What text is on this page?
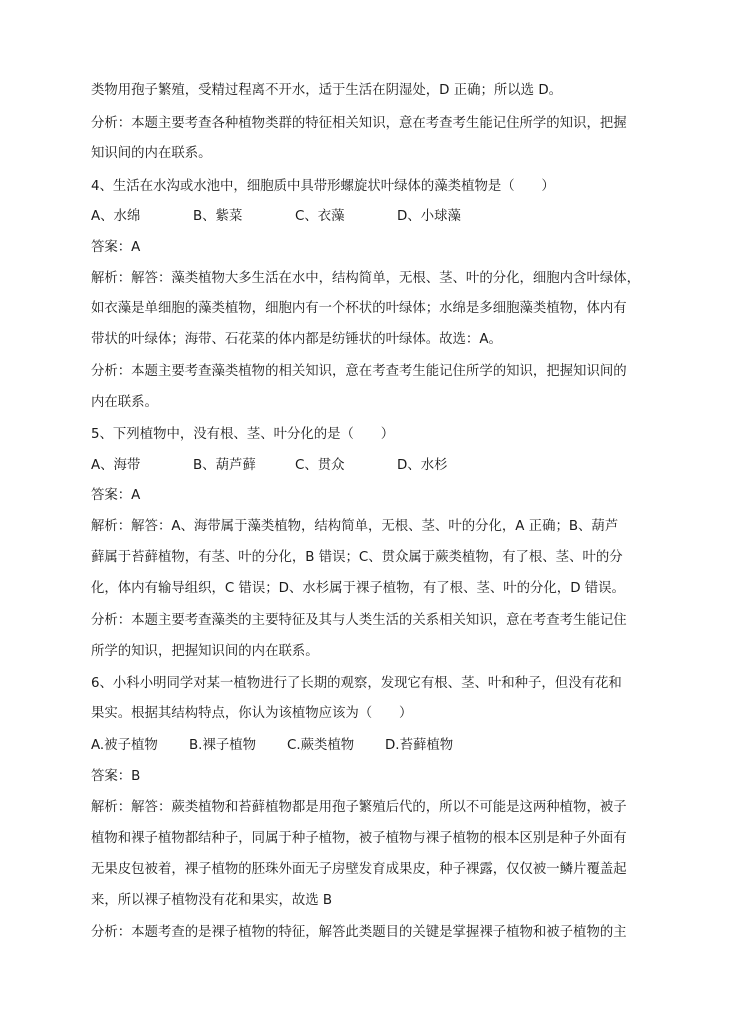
类物用孢子繁殖，受精过程离不开水，适于生活在阴湿处，D 正确；所以选 D。
分析：本题主要考查各种植物类群的特征相关知识，意在考查考生能记住所学的知识，把握
知识间的内在联系。
4、生活在水沟或水池中，细胞质中具带形螺旋状叶绿体的藻类植物是（　　）
A、水绵	B、紫菜	C、衣藻	D、小球藻
答案：A
解析：解答：藻类植物大多生活在水中，结构简单，无根、茎、叶的分化，细胞内含叶绿体，
如衣藻是单细胞的藻类植物，细胞内有一个杯状的叶绿体；水绵是多细胞藻类植物，体内有
带状的叶绿体；海带、石花菜的体内都是纺锤状的叶绿体。故选：A。
分析：本题主要考查藻类植物的相关知识，意在考查考生能记住所学的知识，把握知识间的
内在联系。
5、下列植物中，没有根、茎、叶分化的是（　　）
A、海带	B、葫芦藓	C、贯众	D、水杉
答案：A
解析：解答：A、海带属于藻类植物，结构简单，无根、茎、叶的分化，A 正确；B、葫芦
藓属于苔藓植物，有茎、叶的分化，B 错误；C、贯众属于蕨类植物，有了根、茎、叶的分
化，体内有输导组织，C 错误；D、水杉属于裸子植物，有了根、茎、叶的分化，D 错误。
分析：本题主要考查藻类的主要特征及其与人类生活的关系相关知识，意在考查考生能记住
所学的知识，把握知识间的内在联系。
6、小科小明同学对某一植物进行了长期的观察，发现它有根、茎、叶和种子，但没有花和
果实。根据其结构特点，你认为该植物应该为（　　）
A.被子植物 B.裸子植物 C.蕨类植物 D.苔藓植物
答案：B
解析：解答：蕨类植物和苔藓植物都是用孢子繁殖后代的，所以不可能是这两种植物，被子
植物和裸子植物都结种子，同属于种子植物，被子植物与裸子植物的根本区别是种子外面有
无果皮包被着，裸子植物的胚珠外面无子房壁发育成果皮，种子裸露，仅仅被一鳞片覆盖起
来，所以裸子植物没有花和果实，故选 B
分析：本题考查的是裸子植物的特征，解答此类题目的关键是掌握裸子植物和被子植物的主
